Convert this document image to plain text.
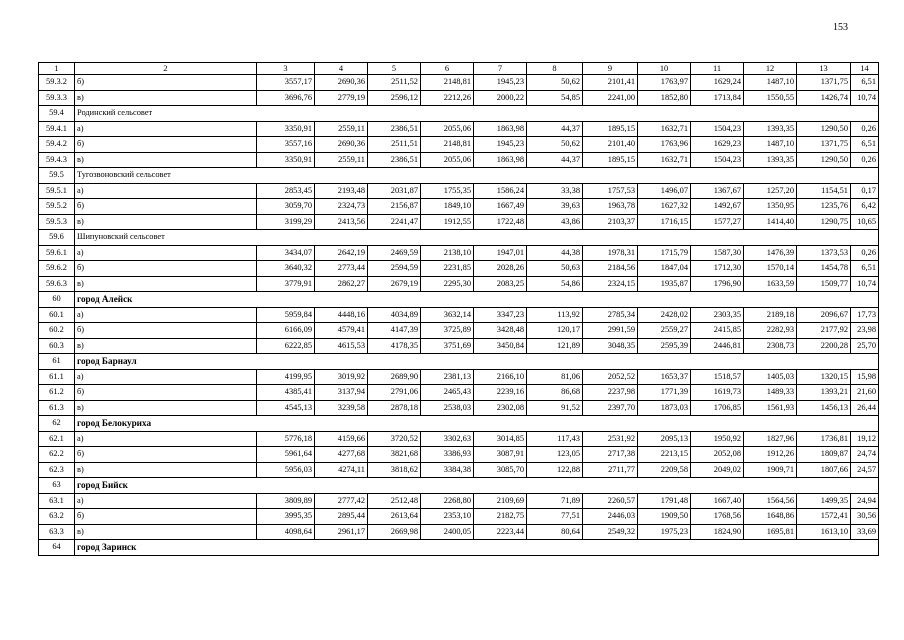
153
1	2	3	4	5	6	7	8	9	10	11	12	13	14
59.3.2	б)	3557,17	2690,36	2511,52	2148,81	1945,23	50,62	2101,41	1763,97	1629,24	1487,10	1371,75	6,51
59.3.3	в)	3696,76	2779,19	2596,12	2212,26	2000,22	54,85	2241,00	1852,80	1713,84	1550,55	1426,74	10,74
59.4	Родинский сельсовет												
59.4.1	а)	3350,91	2559,11	2386,51	2055,06	1863,98	44,37	1895,15	1632,71	1504,23	1393,35	1290,50	0,26
59.4.2	б)	3557,16	2690,36	2511,51	2148,81	1945,23	50,62	2101,40	1763,96	1629,23	1487,10	1371,75	6,51
59.4.3	в)	3350,91	2559,11	2386,51	2055,06	1863,98	44,37	1895,15	1632,71	1504,23	1393,35	1290,50	0,26
59.5	Тугозвоновский сельсовет												
59.5.1	а)	2853,45	2193,48	2031,87	1755,35	1586,24	33,38	1757,53	1496,07	1367,67	1257,20	1154,51	0,17
59.5.2	б)	3059,70	2324,73	2156,87	1849,10	1667,49	39,63	1963,78	1627,32	1492,67	1350,95	1235,76	6,42
59.5.3	в)	3199,29	2413,56	2241,47	1912,55	1722,48	43,86	2103,37	1716,15	1577,27	1414,40	1290,75	10,65
59.6	Шипуновский сельсовет												
59.6.1	а)	3434,07	2642,19	2469,59	2138,10	1947,01	44,38	1978,31	1715,79	1587,30	1476,39	1373,53	0,26
59.6.2	б)	3640,32	2773,44	2594,59	2231,85	2028,26	50,63	2184,56	1847,04	1712,30	1570,14	1454,78	6,51
59.6.3	в)	3779,91	2862,27	2679,19	2295,30	2083,25	54,86	2324,15	1935,87	1796,90	1633,59	1509,77	10,74
60	город Алейск												
60.1	а)	5959,84	4448,16	4034,89	3632,14	3347,23	113,92	2785,34	2428,02	2303,35	2189,18	2096,67	17,73
60.2	б)	6166,09	4579,41	4147,39	3725,89	3428,48	120,17	2991,59	2559,27	2415,85	2282,93	2177,92	23,98
60.3	в)	6222,85	4615,53	4178,35	3751,69	3450,84	121,89	3048,35	2595,39	2446,81	2308,73	2200,28	25,70
61	город Барнаул												
61.1	а)	4199,95	3019,92	2689,90	2381,13	2166,10	81,06	2052,52	1653,37	1518,57	1405,03	1320,15	15,98
61.2	б)	4385,41	3137,94	2791,06	2465,43	2239,16	86,68	2237,98	1771,39	1619,73	1489,33	1393,21	21,60
61.3	в)	4545,13	3239,58	2878,18	2538,03	2302,08	91,52	2397,70	1873,03	1706,85	1561,93	1456,13	26,44
62	город Белокуриха												
62.1	а)	5776,18	4159,66	3720,52	3302,63	3014,85	117,43	2531,92	2095,13	1950,92	1827,96	1736,81	19,12
62.2	б)	5961,64	4277,68	3821,68	3386,93	3087,91	123,05	2717,38	2213,15	2052,08	1912,26	1809,87	24,74
62.3	в)	5956,03	4274,11	3818,62	3384,38	3085,70	122,88	2711,77	2209,58	2049,02	1909,71	1807,66	24,57
63	город Бийск												
63.1	а)	3809,89	2777,42	2512,48	2268,80	2109,69	71,89	2260,57	1791,48	1667,40	1564,56	1499,35	24,94
63.2	б)	3995,35	2895,44	2613,64	2353,10	2182,75	77,51	2446,03	1909,50	1768,56	1648,86	1572,41	30,56
63.3	в)	4098,64	2961,17	2669,98	2400,05	2223,44	80,64	2549,32	1975,23	1824,90	1695,81	1613,10	33,69
64	город Заринск												
